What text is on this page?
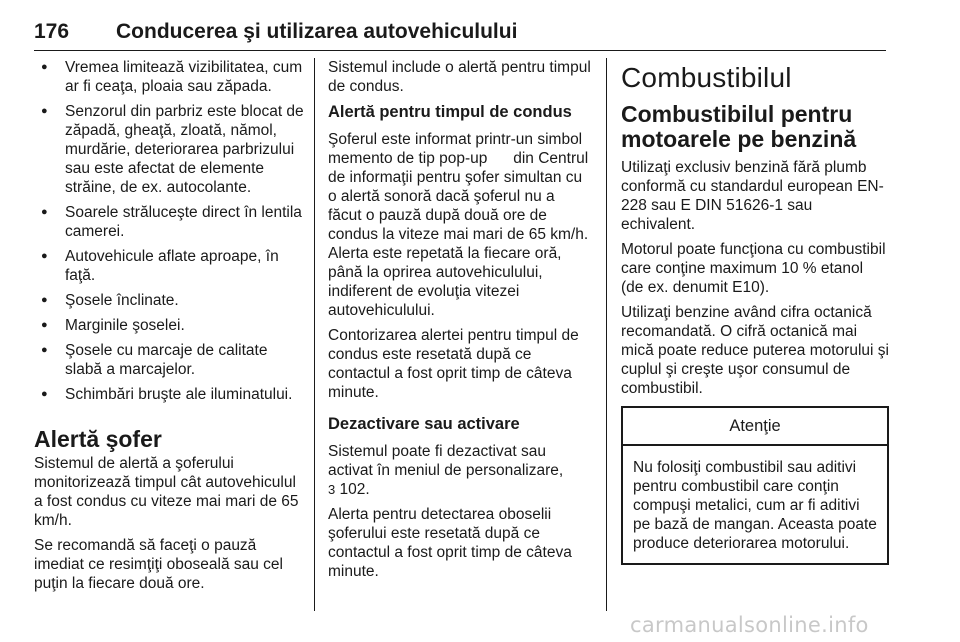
176 Conducerea şi utilizarea autovehiculului
● Vremea limitează vizibilitatea, cum ar fi ceaţa, ploaia sau zăpada.
● Senzorul din parbriz este blocat de zăpadă, gheaţă, zloată, nămol, murdărie, deteriorarea parbrizului sau este afectat de elemente străine, de ex. autocolante.
● Soarele străluceşte direct în lentila camerei.
● Autovehicule aflate aproape, în faţă.
● Şosele înclinate.
● Marginile şoselei.
● Şosele cu marcaje de calitate slabă a marcajelor.
● Schimbări bruşte ale iluminatului.
Alertă şofer

Sistemul de alertă a şoferului monitorizează timpul cât autovehiculul a fost condus cu viteze mai mari de 65 km/h.

Se recomandă să faceţi o pauză imediat ce resimţiţi oboseală sau cel puţin la fiecare două ore.

Sistemul include o alertă pentru timpul de condus.

Alertă pentru timpul de condus

Şoferul este informat printr-un simbol memento de tip pop-up      din Centrul de informaţii pentru şofer simultan cu o alertă sonoră dacă şoferul nu a făcut o pauză după două ore de condus la viteze mai mari de 65 km/h. Alerta este repetată la fiecare oră, până la oprirea autovehiculului, indiferent de evoluţia vitezei autovehiculului.

Contorizarea alertei pentru timpul de condus este resetată după ce contactul a fost oprit timp de câteva minute.

Dezactivare sau activare

Sistemul poate fi dezactivat sau activat în meniul de personalizare,
3 102.

Alerta pentru detectarea oboselii şoferului este resetată după ce contactul a fost oprit timp de câteva minute.

Combustibilul
Combustibilul pentru motoarele pe benzină

Utilizaţi exclusiv benzină fără plumb conformă cu standardul european EN-228 sau E DIN 51626-1 sau echivalent.

Motorul poate funcţiona cu combustibil care conţine maximum 10 % etanol (de ex. denumit E10).

Utilizaţi benzine având cifra octanică recomandată. O cifră octanică mai mică poate reduce puterea motorului şi cuplul şi creşte uşor consumul de combustibil.

Atenţie
Nu folosiţi combustibil sau aditivi pentru combustibil care conţin compuşi metalici, cum ar fi aditivi pe bază de mangan. Aceasta poate produce deteriorarea motorului.
carmanualsonline.info
